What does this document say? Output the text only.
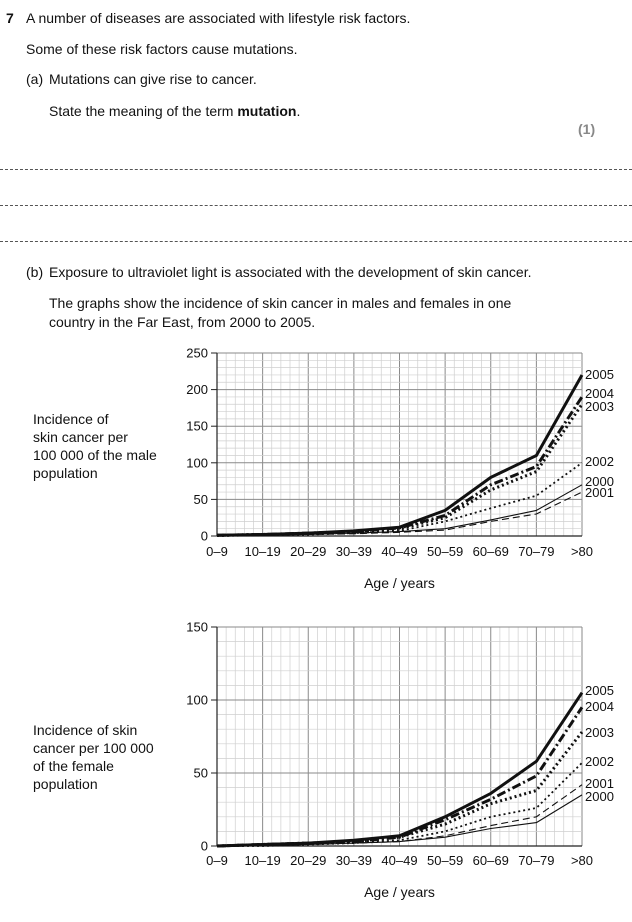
7 A number of diseases are associated with lifestyle risk factors.
Some of these risk factors cause mutations.
(a) Mutations can give rise to cancer.
State the meaning of the term mutation.
(1)
(b) Exposure to ultraviolet light is associated with the development of skin cancer.
The graphs show the incidence of skin cancer in males and females in one
country in the Far East, from 2000 to 2005.
Incidence of
skin cancer per
100 000 of the male
population
Incidence of skin
cancer per 100 000
of the female
population
0
50
100
150
200
250
0–9 10–19 20–29 30–39 40–49 50–59 60–69 70–79 >80
Age / years
2005
2004
2003
2002
2000
2001
0
50
100
150
0–9 10–19 20–29 30–39 40–49 50–59 60–69 70–79 >80
Age / years
2005
2004
2003
2002
2001
2000
